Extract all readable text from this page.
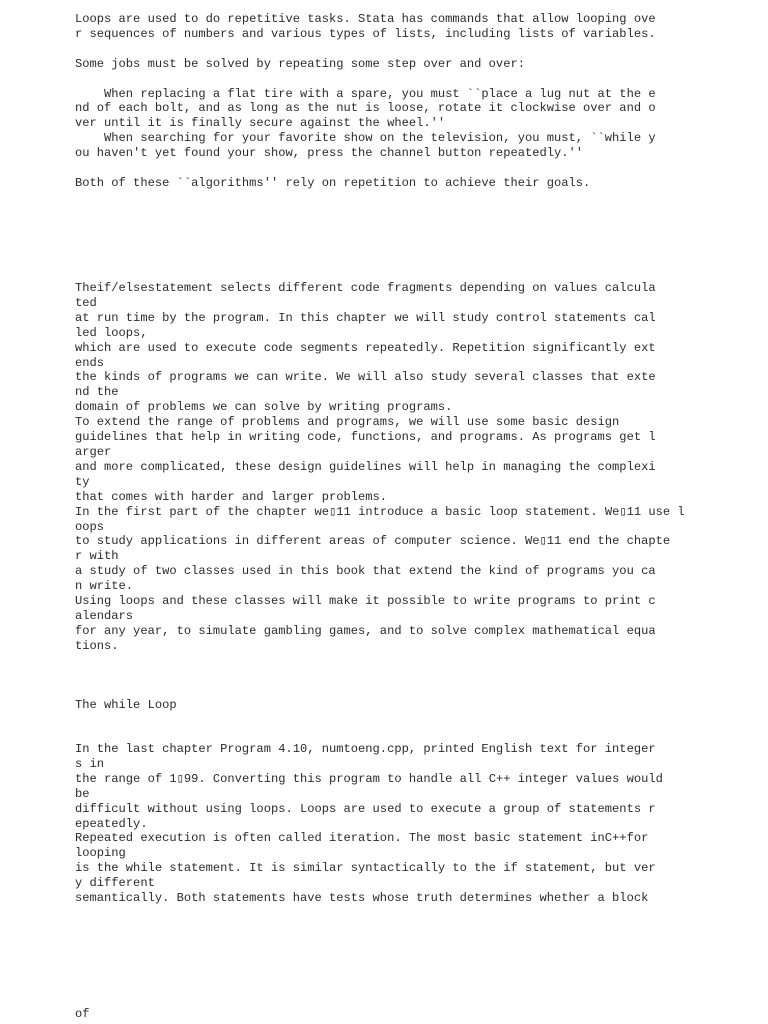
Loops are used to do repetitive tasks. Stata has commands that allow looping ove
r sequences of numbers and various types of lists, including lists of variables.

Some jobs must be solved by repeating some step over and over:

When replacing a flat tire with a spare, you must ``place a lug nut at the e
nd of each bolt, and as long as the nut is loose, rotate it clockwise over and o
ver until it is finally secure against the wheel.''
When searching for your favorite show on the television, you must, ``while y
ou haven't yet found your show, press the channel button repeatedly.''

Both of these ``algorithms'' rely on repetition to achieve their goals.
Theif/elsestatement selects different code fragments depending on values calcula
ted
at run time by the program. In this chapter we will study control statements cal
led loops,
which are used to execute code segments repeatedly. Repetition significantly ext
ends
the kinds of programs we can write. We will also study several classes that exte
nd the
domain of problems we can solve by writing programs.
To extend the range of problems and programs, we will use some basic design
guidelines that help in writing code, functions, and programs. As programs get l
arger
and more complicated, these design guidelines will help in managing the complexi
ty
that comes with harder and larger problems.
In the first part of the chapter we▯11 introduce a basic loop statement. We▯11 use l
oops
to study applications in different areas of computer science. We▯11 end the chapte
r with
a study of two classes used in this book that extend the kind of programs you ca
n write.
Using loops and these classes will make it possible to write programs to print c
alendars
for any year, to simulate gambling games, and to solve complex mathematical equa
tions.
The while Loop
In the last chapter Program 4.10, numtoeng.cpp, printed English text for integer
s in
the range of 1▯99. Converting this program to handle all C++ integer values would
be
difficult without using loops. Loops are used to execute a group of statements r
epeatedly.
Repeated execution is often called iteration. The most basic statement inC++for
looping
is the while statement. It is similar syntactically to the if statement, but ver
y different
semantically. Both statements have tests whose truth determines whether a block
of
